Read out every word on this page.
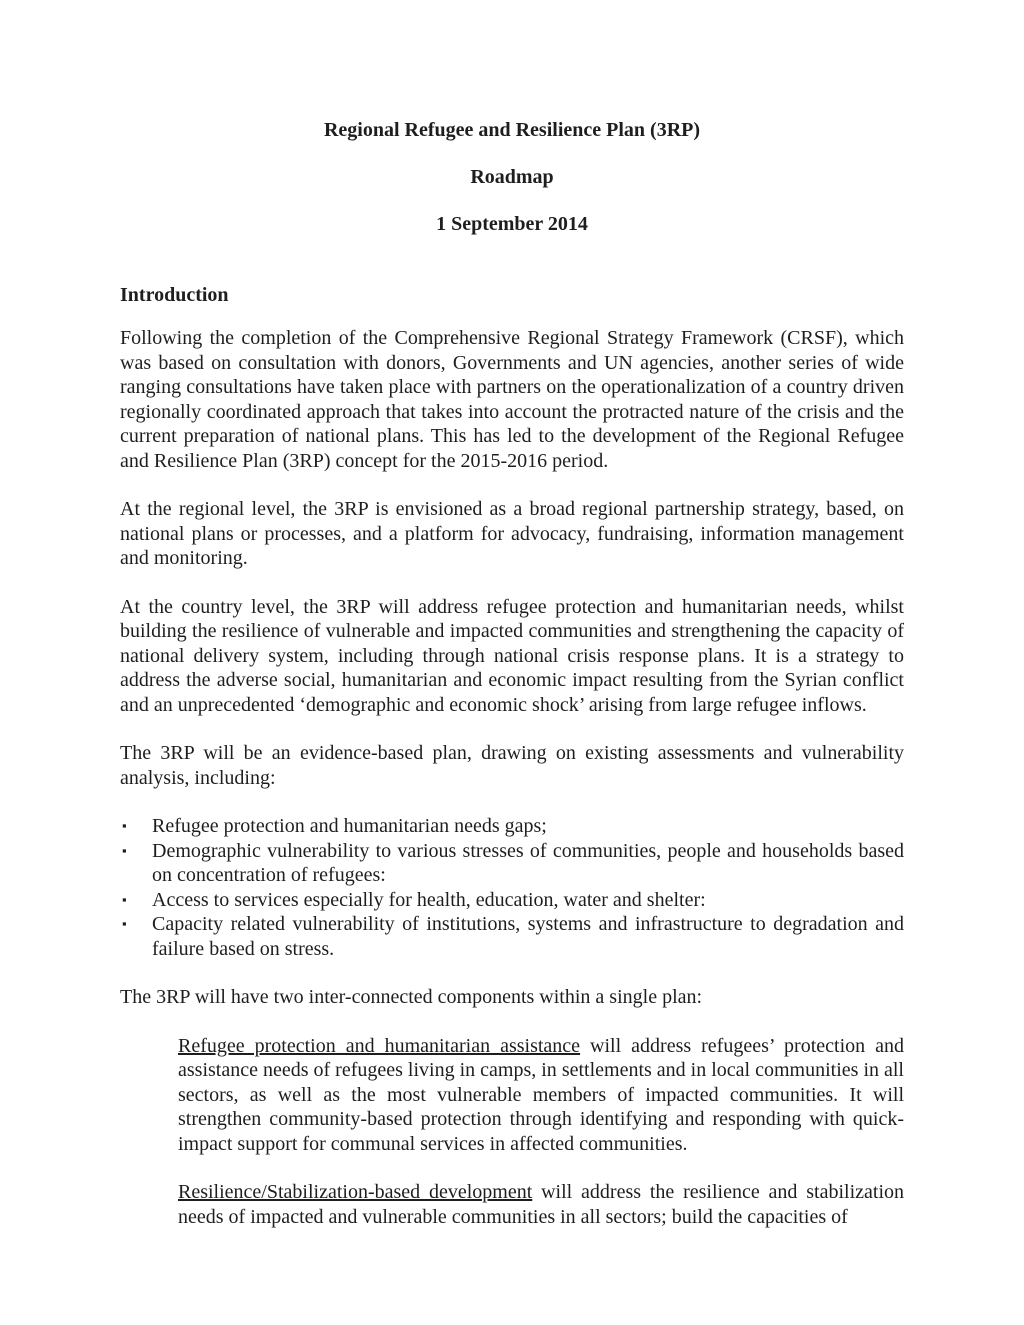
Regional Refugee and Resilience Plan (3RP)

Roadmap

1 September 2014

Introduction

Following the completion of the Comprehensive Regional Strategy Framework (CRSF), which was based on consultation with donors, Governments and UN agencies, another series of wide ranging consultations have taken place with partners on the operationalization of a country driven regionally coordinated approach that takes into account the protracted nature of the crisis and the current preparation of national plans. This has led to the development of the Regional Refugee and Resilience Plan (3RP) concept for the 2015-2016 period.

At the regional level, the 3RP is envisioned as a broad regional partnership strategy, based, on national plans or processes, and a platform for advocacy, fundraising, information management and monitoring.

At the country level, the 3RP will address refugee protection and humanitarian needs, whilst building the resilience of vulnerable and impacted communities and strengthening the capacity of national delivery system, including through national crisis response plans. It is a strategy to address the adverse social, humanitarian and economic impact resulting from the Syrian conflict and an unprecedented ‘demographic and economic shock’ arising from large refugee inflows.

The 3RP will be an evidence-based plan, drawing on existing assessments and vulnerability analysis, including:

▪	Refugee protection and humanitarian needs gaps;
▪	Demographic vulnerability to various stresses of communities, people and households based on concentration of refugees:
▪	Access to services especially for health, education, water and shelter:
▪	Capacity related vulnerability of institutions, systems and infrastructure to degradation and failure based on stress.

The 3RP will have two inter-connected components within a single plan:

Refugee protection and humanitarian assistance will address refugees’ protection and assistance needs of refugees living in camps, in settlements and in local communities in all sectors, as well as the most vulnerable members of impacted communities. It will strengthen community-based protection through identifying and responding with quick-impact support for communal services in affected communities.

Resilience/Stabilization-based development will address the resilience and stabilization needs of impacted and vulnerable communities in all sectors; build the capacities of
